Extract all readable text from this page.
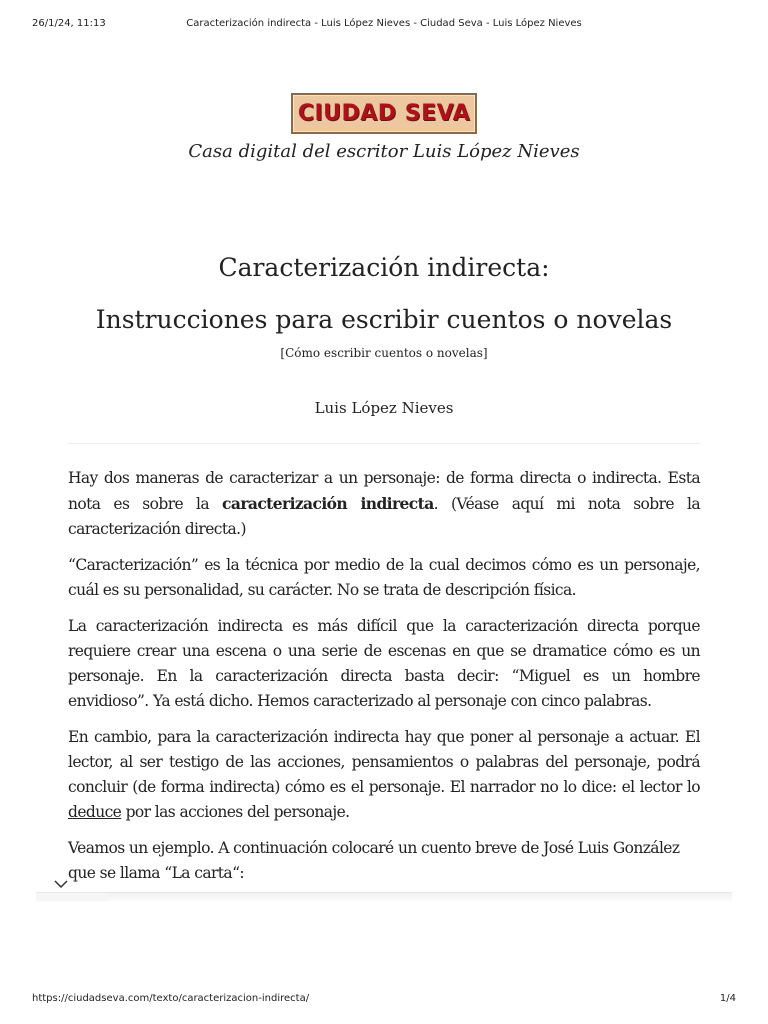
26/1/24, 11:13	Caracterización indirecta - Luis López Nieves - Ciudad Seva - Luis López Nieves
CIUDAD SEVA
Casa digital del escritor Luis López Nieves
Caracterización indirecta:
Instrucciones para escribir cuentos o novelas
[Cómo escribir cuentos o novelas]
Luis López Nieves

Hay dos maneras de caracterizar a un personaje: de forma directa o indirecta. Esta nota es sobre la caracterización indirecta. (Véase aquí mi nota sobre la caracterización directa.)

“Caracterización” es la técnica por medio de la cual decimos cómo es un personaje, cuál es su personalidad, su carácter. No se trata de descripción física.

La caracterización indirecta es más difícil que la caracterización directa porque requiere crear una escena o una serie de escenas en que se dramatice cómo es un personaje. En la caracterización directa basta decir: “Miguel es un hombre envidioso”. Ya está dicho. Hemos caracterizado al personaje con cinco palabras.

En cambio, para la caracterización indirecta hay que poner al personaje a actuar. El lector, al ser testigo de las acciones, pensamientos o palabras del personaje, podrá concluir (de forma indirecta) cómo es el personaje. El narrador no lo dice: el lector lo deduce por las acciones del personaje.

Veamos un ejemplo. A continuación colocaré un cuento breve de José Luis González que se llama “La carta“:

https://ciudadseva.com/texto/caracterizacion-indirecta/	1/4
